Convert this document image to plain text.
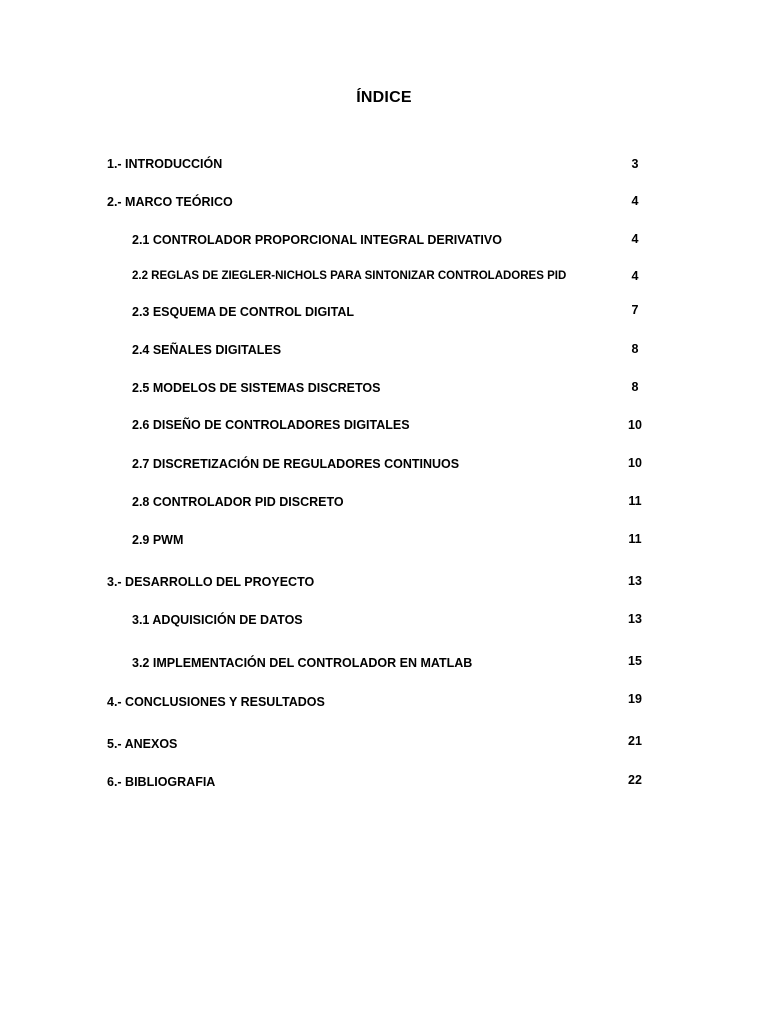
ÍNDICE
1.- INTRODUCCIÓN	3
2.- MARCO TEÓRICO	4
2.1 CONTROLADOR PROPORCIONAL INTEGRAL DERIVATIVO	4
2.2 REGLAS DE ZIEGLER-NICHOLS PARA SINTONIZAR CONTROLADORES PID	4
2.3 ESQUEMA DE CONTROL DIGITAL	7
2.4 SEÑALES DIGITALES	8
2.5 MODELOS DE SISTEMAS DISCRETOS	8
2.6 DISEÑO DE CONTROLADORES DIGITALES	10
2.7 DISCRETIZACIÓN DE REGULADORES CONTINUOS	10
2.8 CONTROLADOR PID DISCRETO	11
2.9 PWM	11
3.- DESARROLLO DEL PROYECTO	13
3.1 ADQUISICIÓN DE DATOS	13
3.2 IMPLEMENTACIÓN DEL CONTROLADOR EN MATLAB	15
4.- CONCLUSIONES Y RESULTADOS	19
5.- ANEXOS	21
6.- BIBLIOGRAFIA	22
